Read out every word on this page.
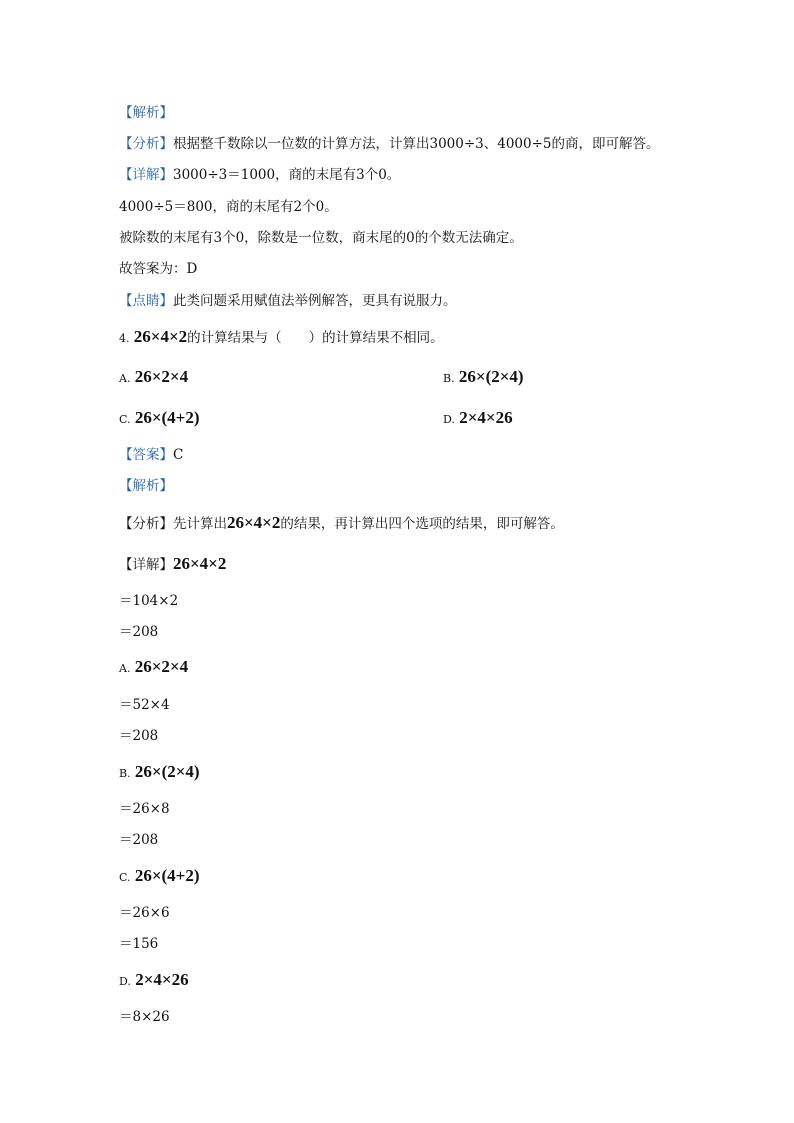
【解析】
【分析】根据整千数除以一位数的计算方法，计算出3000÷3、4000÷5的商，即可解答。
【详解】3000÷3＝1000，商的末尾有3个0。
4000÷5＝800，商的末尾有2个0。
被除数的末尾有3个0，除数是一位数，商末尾的0的个数无法确定。
故答案为：D
【点睛】此类问题采用赋值法举例解答，更具有说服力。
4. 26×4×2的计算结果与（　　）的计算结果不相同。
A. 26×2×4	B. 26×(2×4)
C. 26×(4+2)	D. 2×4×26
【答案】C
【解析】
【分析】先计算出26×4×2的结果，再计算出四个选项的结果，即可解答。
【详解】26×4×2
＝104×2
＝208
A. 26×2×4
＝52×4
＝208
B. 26×(2×4)
＝26×8
＝208
C. 26×(4+2)
＝26×6
＝156
D. 2×4×26
＝8×26
